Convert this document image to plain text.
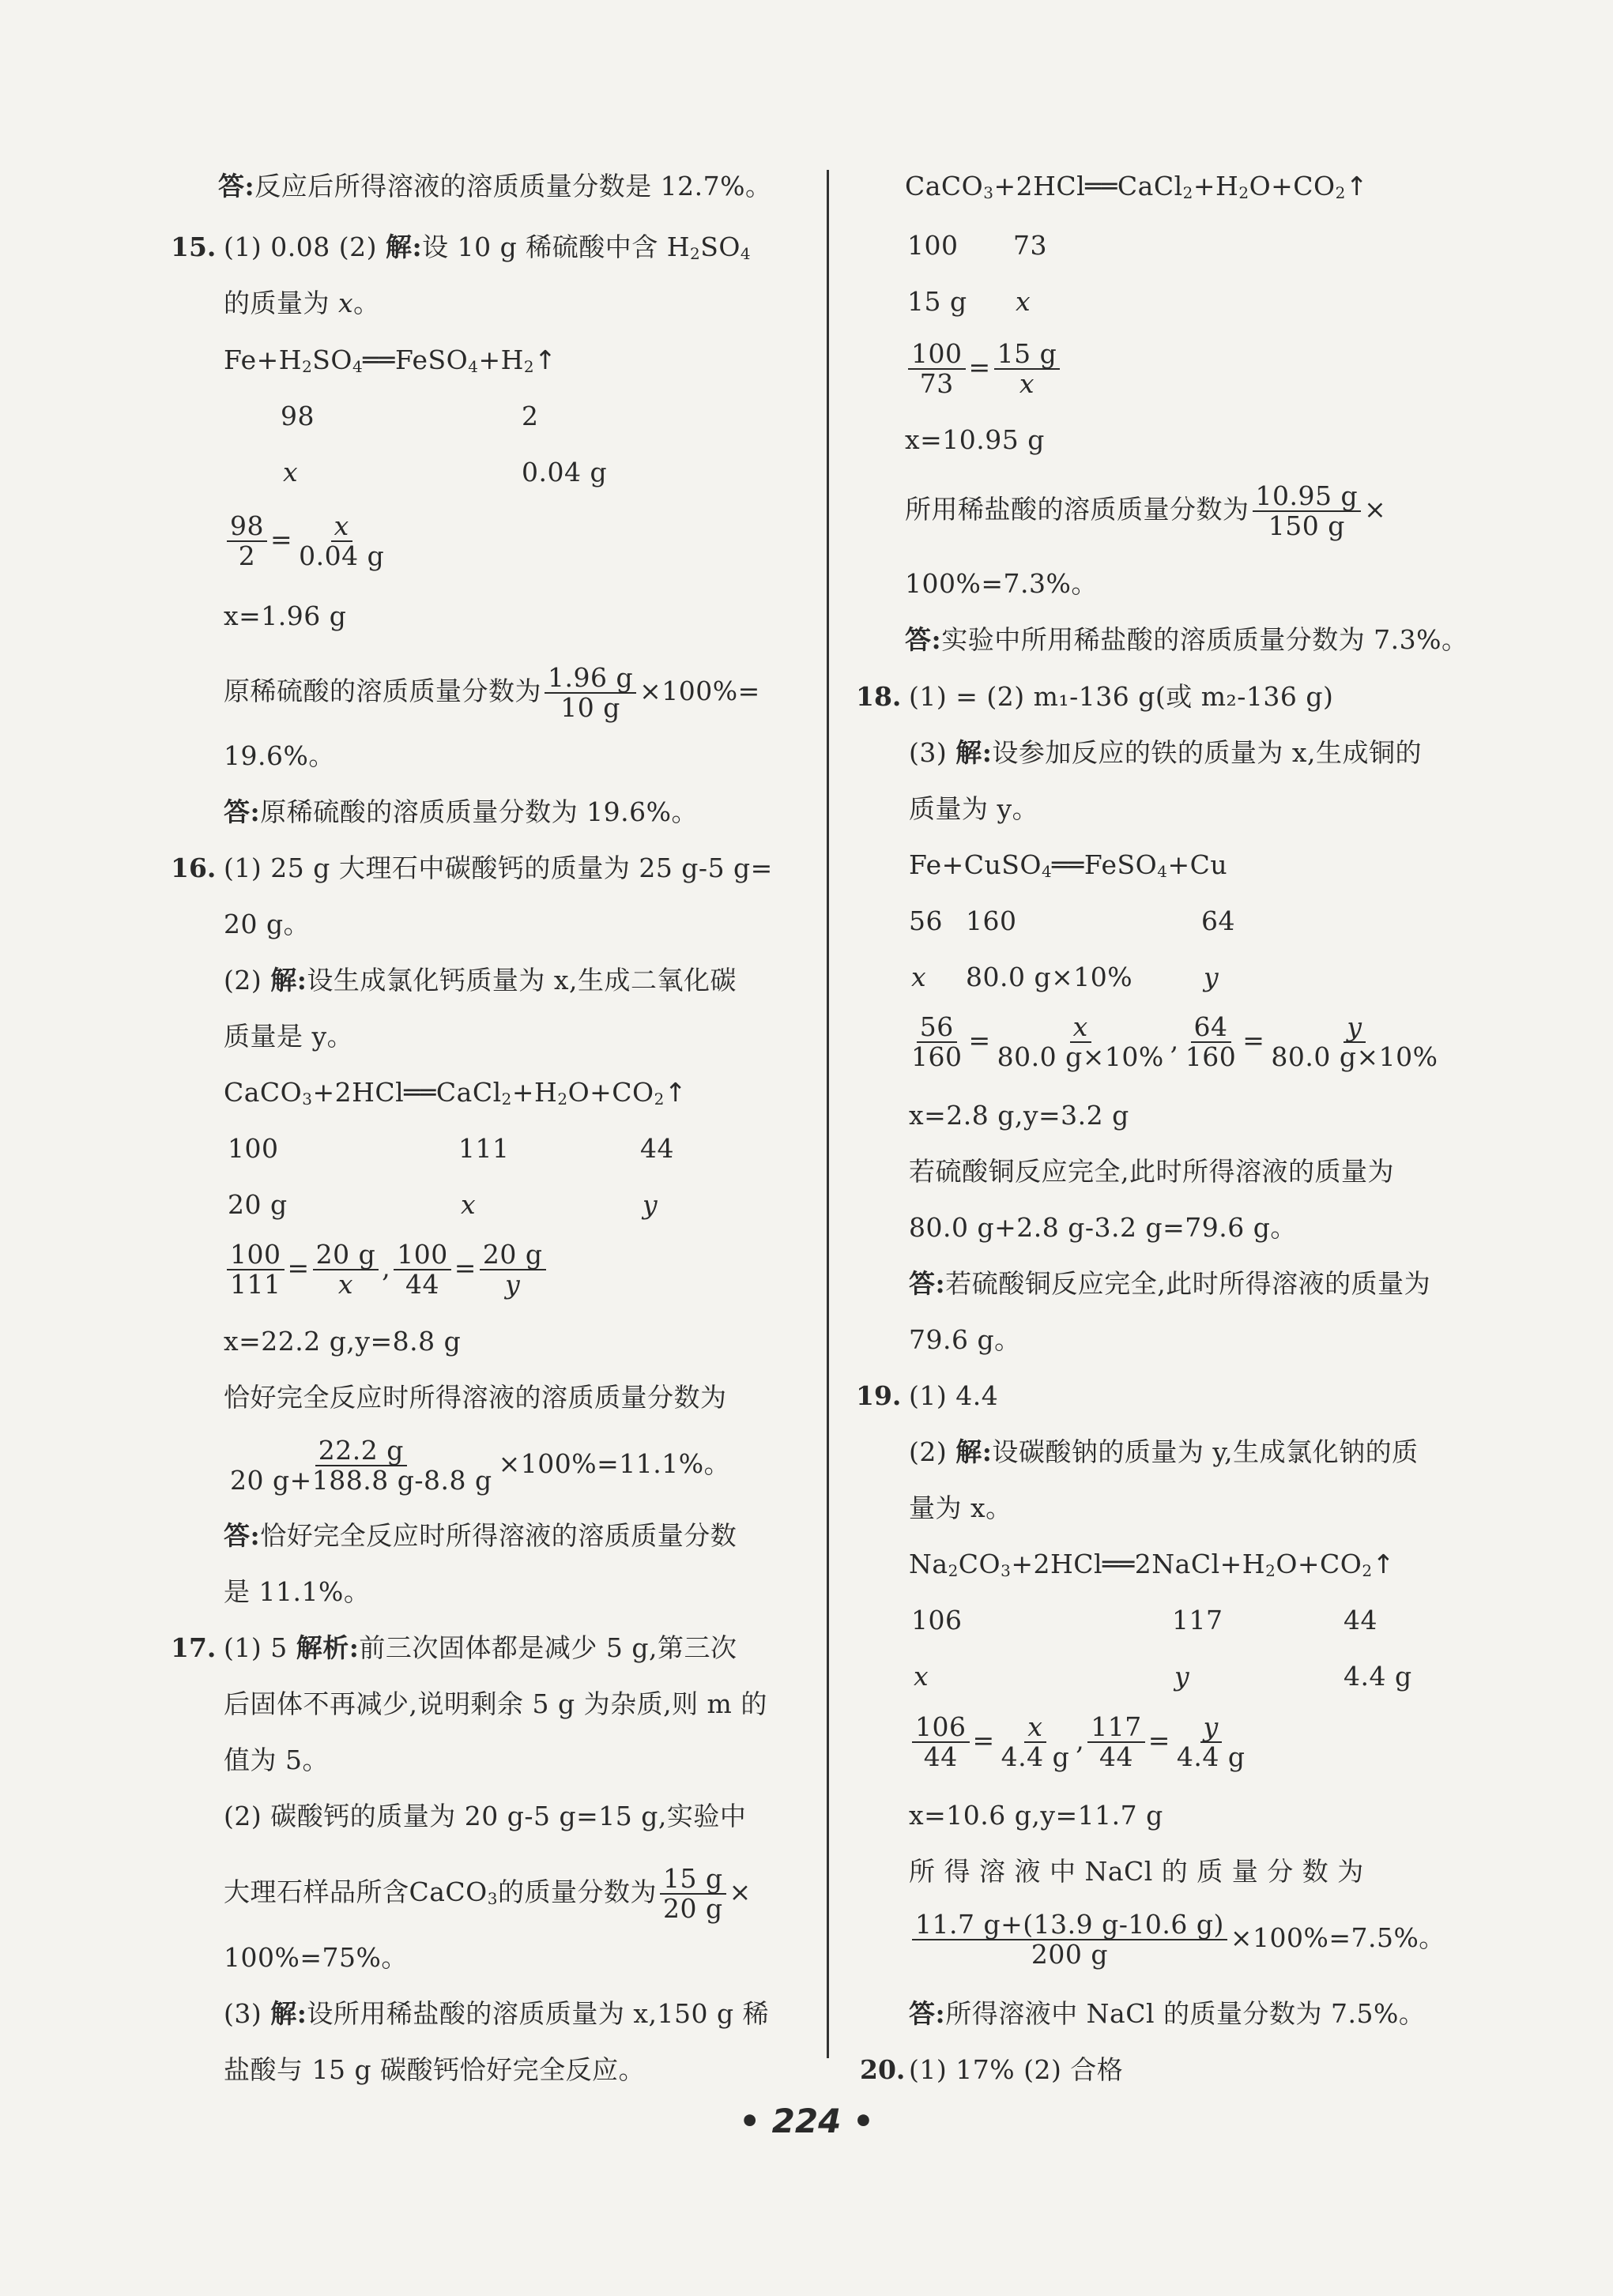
答:反应后所得溶液的溶质质量分数是 12.7%。
15. (1) 0.08 (2) 解:设 10 g 稀硫酸中含 $H_2SO_4$
的质量为 x。
$Fe+H_2SO_4══FeSO_4+H_2↑$
98	2
x	0.04 g
$\frac{98}{2} = \frac{x}{0.04 g}$
x=1.96 g
原稀硫酸的溶质质量分数为 $\frac{1.96 g}{10 g} \times 100\%=$
19.6%。
答:原稀硫酸的溶质质量分数为 19.6%。
16. (1) 25 g 大理石中碳酸钙的质量为 25 g-5 g=
20 g。
(2) 解:设生成氯化钙质量为 x,生成二氧化碳
质量是 y。
$CaCO_3+2HCl══CaCl_2+H_2O+CO_2↑$
100	111	44
20 g	x	y
$\frac{100}{111} = \frac{20 g}{x}$ , $\frac{100}{44} = \frac{20 g}{y}$
x=22.2 g,y=8.8 g
恰好完全反应时所得溶液的溶质质量分数为
$\frac{22.2 g}{20 g+188.8 g-8.8 g} \times 100\%=11.1\%$。
答:恰好完全反应时所得溶液的溶质质量分数
是 11.1%。
17. (1) 5 解析:前三次固体都是减少 5 g,第三次
后固体不再减少,说明剩余 5 g 为杂质,则 m 的
值为 5。
(2) 碳酸钙的质量为 20 g-5 g=15 g,实验中
大理石样品所含CaCO$_3$的质量分数为 $\frac{15 g}{20 g}$ ×
100%=75%。
(3) 解:设所用稀盐酸的溶质质量为 x,150 g 稀
盐酸与 15 g 碳酸钙恰好完全反应。
$CaCO_3+2HCl══CaCl_2+H_2O+CO_2↑$
100 73
15 g x
$\frac{100}{73} = \frac{15 g}{x}$
x=10.95 g
所用稀盐酸的溶质质量分数为 $\frac{10.95 g}{150 g}$ ×
100%=7.3%。
答:实验中所用稀盐酸的溶质质量分数为 7.3%。
18. (1) = (2) m₁-136 g(或 m₂-136 g)
(3) 解:设参加反应的铁的质量为 x,生成铜的
质量为 y。
Fe+CuSO$_4$══FeSO$_4$+Cu
56 160	64
x 80.0 g×10%	y
$\frac{56}{160} = \frac{x}{80.0 g\times 10\%}$ , $\frac{64}{160} = \frac{y}{80.0 g\times 10\%}$
x=2.8 g,y=3.2 g
若硫酸铜反应完全,此时所得溶液的质量为
80.0 g+2.8 g-3.2 g=79.6 g。
答:若硫酸铜反应完全,此时所得溶液的质量为
79.6 g。
19. (1) 4.4
(2) 解:设碳酸钠的质量为 y,生成氯化钠的质
量为 x。
$Na_2CO_3+2HCl══2NaCl+H_2O+CO_2↑$
106	117	44
x	y	4.4 g
$\frac{106}{44} = \frac{x}{4.4 g}$ , $\frac{117}{44} = \frac{y}{4.4 g}$
x=10.6 g,y=11.7 g
所 得 溶 液 中 NaCl 的 质 量 分 数 为
$\frac{11.7 g+(13.9 g-10.6 g)}{200 g} \times 100\%=7.5\%$。
答:所得溶液中 NaCl 的质量分数为 7.5%。
20. (1) 17% (2) 合格
• 224 •
